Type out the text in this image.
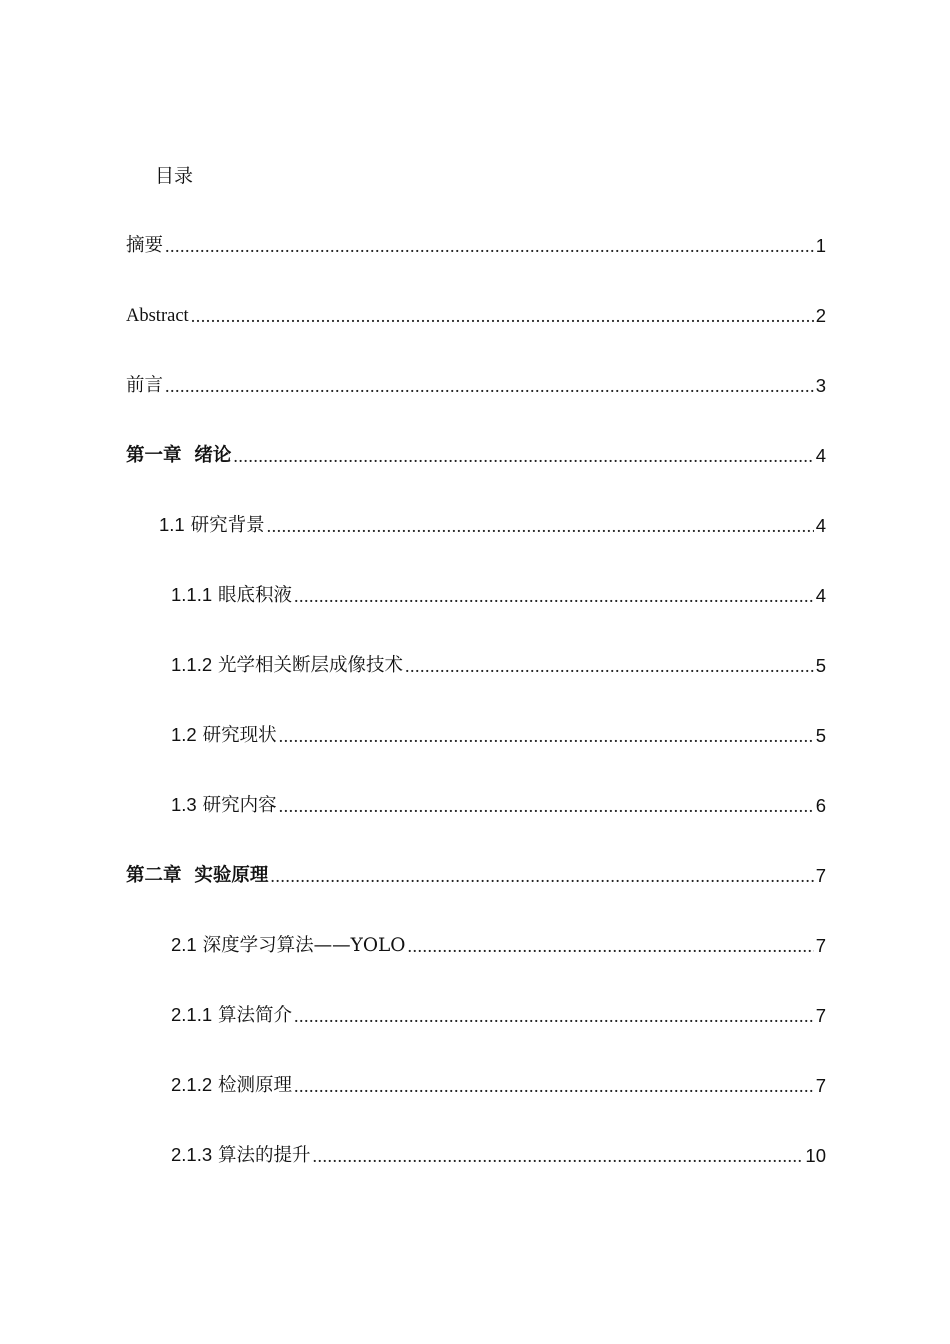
目录
摘要 .....	1
Abstract .....	2
前言 .....	3
第一章  绪论 .....	4
1.1 研究背景 .....	4
1.1.1 眼底积液 .....	4
1.1.2 光学相关断层成像技术 .....	5
1.2 研究现状 .....	5
1.3 研究内容 .....	6
第二章  实验原理 .....	7
2.1 深度学习算法——YOLO .....	7
2.1.1 算法简介 .....	7
2.1.2 检测原理 .....	7
2.1.3 算法的提升 .....	10
